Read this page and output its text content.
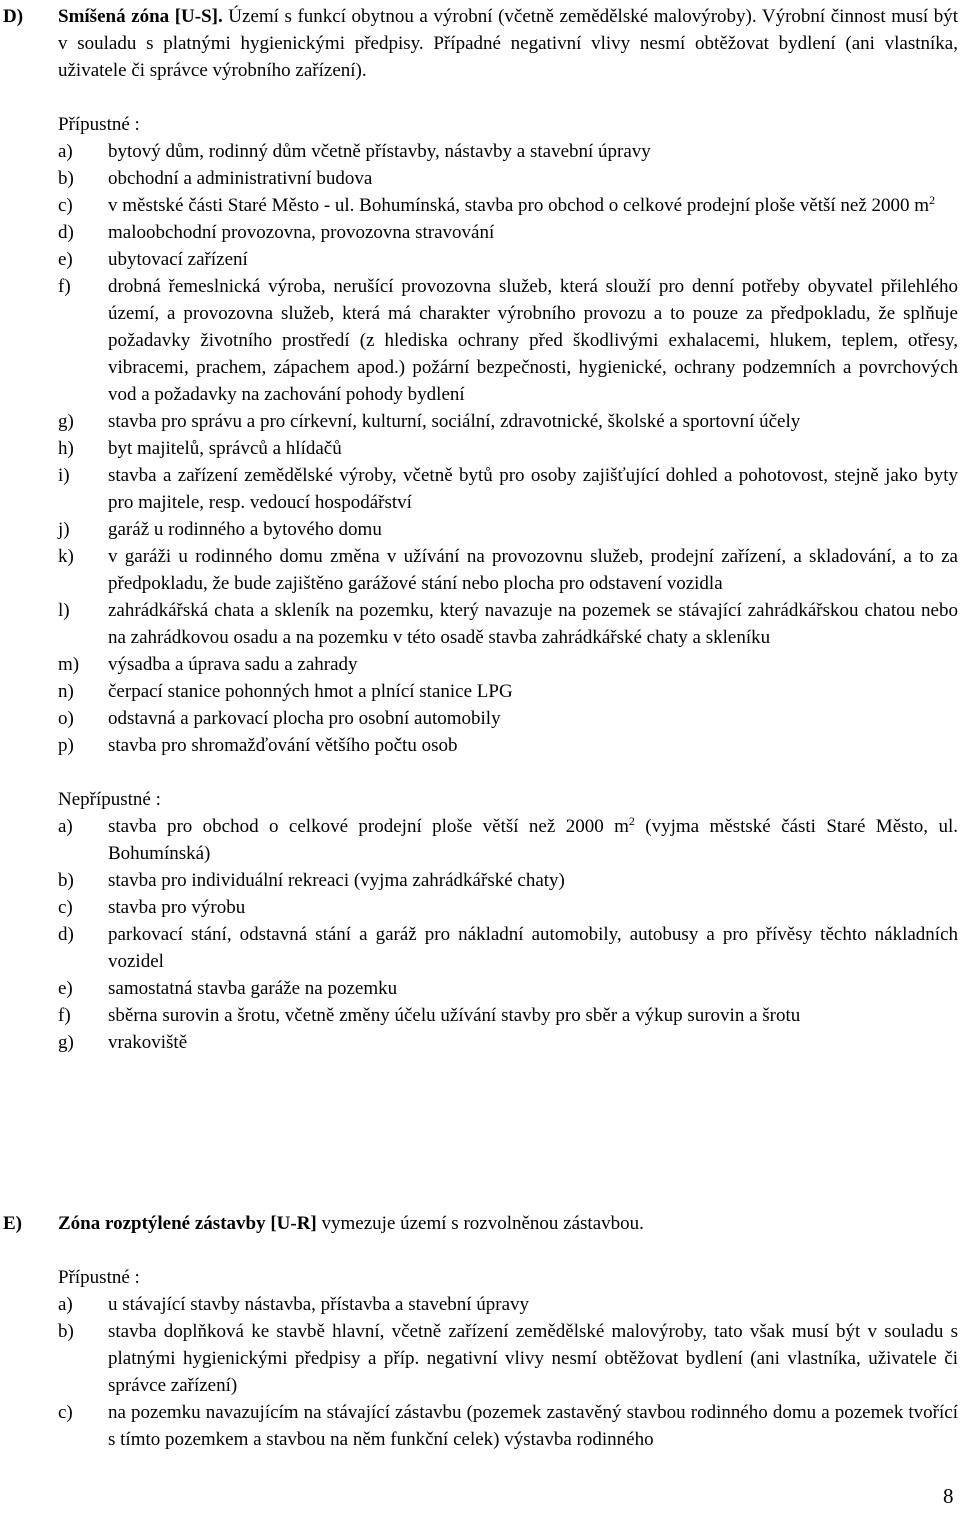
D) Smíšená zóna [U-S]. Území s funkcí obytnou a výrobní (včetně zemědělské malovýroby). Výrobní činnost musí být v souladu s platnými hygienickými předpisy. Případné negativní vlivy nesmí obtěžovat bydlení (ani vlastníka, uživatele či správce výrobního zařízení).
Přípustné :
a) bytový dům, rodinný dům včetně přístavby, nástavby a stavební úpravy
b) obchodní a administrativní budova
c) v městské části Staré Město - ul. Bohumínská, stavba pro obchod o celkové prodejní ploše větší než 2000 $m^2$
d) maloobchodní provozovna, provozovna stravování
e) ubytovací zařízení
f) drobná řemeslnická výroba, nerušící provozovna služeb, která slouží pro denní potřeby obyvatel přilehlého území, a provozovna služeb, která má charakter výrobního provozu a to pouze za předpokladu, že splňuje požadavky životního prostředí (z hlediska ochrany před škodlivými exhalacemi, hlukem, teplem, otřesy, vibracemi, prachem, zápachem apod.) požární bezpečnosti, hygienické, ochrany podzemních a povrchových vod a požadavky na zachování pohody bydlení
g) stavba pro správu a pro církevní, kulturní, sociální, zdravotnické, školské a sportovní účely
h) byt majitelů, správců a hlídačů
i) stavba a zařízení zemědělské výroby, včetně bytů pro osoby zajišťující dohled a pohotovost, stejně jako byty pro majitele, resp. vedoucí hospodářství
j) garáž u rodinného a bytového domu
k) v garáži u rodinného domu změna v užívání na provozovnu služeb, prodejní zařízení, a skladování, a to za předpokladu, že bude zajištěno garážové stání nebo plocha pro odstavení vozidla
l) zahrádkářská chata a skleník na pozemku, který navazuje na pozemek se stávající zahrádkářskou chatou nebo na zahrádkovou osadu a na pozemku v této osadě stavba zahrádkářské chaty a skleníku
m) výsadba a úprava sadu a zahrady
n) čerpací stanice pohonných hmot a plnící stanice LPG
o) odstavná a parkovací plocha pro osobní automobily
p) stavba pro shromažďování většího počtu osob
Nepřípustné :
a) stavba pro obchod o celkové prodejní ploše větší než 2000 $m^2$ (vyjma městské části Staré Město, ul. Bohumínská)
b) stavba pro individuální rekreaci (vyjma zahrádkářské chaty)
c) stavba pro výrobu
d) parkovací stání, odstavná stání a garáž pro nákladní automobily, autobusy a pro přívěsy těchto nákladních vozidel
e) samostatná stavba garáže na pozemku
f) sběrna surovin a šrotu, včetně změny účelu užívání stavby pro sběr a výkup surovin a šrotu
g) vrakoviště
E) Zóna rozptýlené zástavby [U-R] vymezuje území s rozvolněnou zástavbou.
Přípustné :
a) u stávající stavby nástavba, přístavba a stavební úpravy
b) stavba doplňková ke stavbě hlavní, včetně zařízení zemědělské malovýroby, tato však musí být v souladu s platnými hygienickými předpisy a příp. negativní vlivy nesmí obtěžovat bydlení (ani vlastníka, uživatele či správce zařízení)
c) na pozemku navazujícím na stávající zástavbu (pozemek zastavěný stavbou rodinného domu a pozemek tvořící s tímto pozemkem a stavbou na něm funkční celek) výstavba rodinného
8
